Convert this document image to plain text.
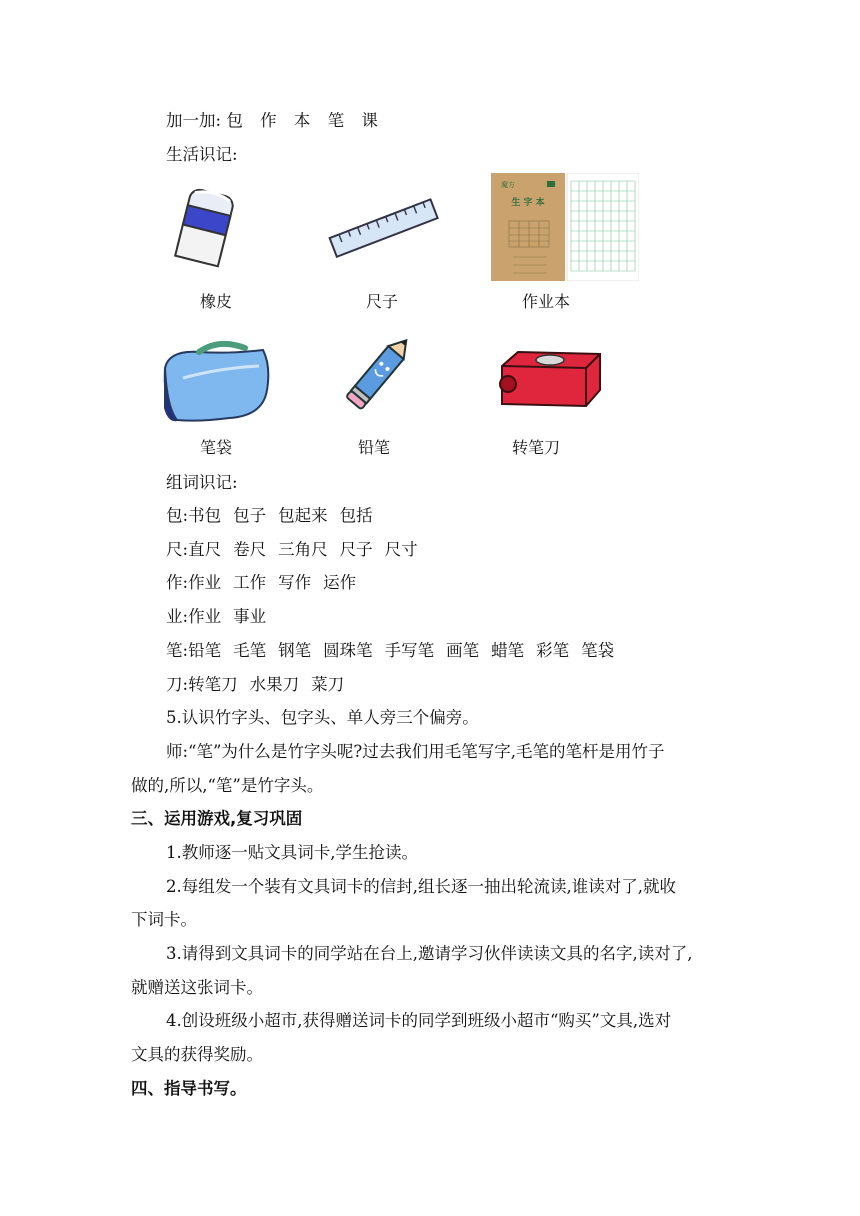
加一加: 包 作 本 笔 课
生活识记:
魔方
生 字 本
橡皮	尺子	作业本
笔袋	铅笔	转笔刀
组词识记:
包:书包 包子 包起来 包括
尺:直尺 卷尺 三角尺 尺子 尺寸
作:作业 工作 写作 运作
业:作业 事业
笔:铅笔 毛笔 钢笔 圆珠笔 手写笔 画笔 蜡笔 彩笔 笔袋
刀:转笔刀 水果刀 菜刀
5.认识竹字头、包字头、单人旁三个偏旁。
师:“笔”为什么是竹字头呢?过去我们用毛笔写字,毛笔的笔杆是用竹子
做的,所以,“笔”是竹字头。
三、运用游戏,复习巩固
1.教师逐一贴文具词卡,学生抢读。
2.每组发一个装有文具词卡的信封,组长逐一抽出轮流读,谁读对了,就收
下词卡。
3.请得到文具词卡的同学站在台上,邀请学习伙伴读读文具的名字,读对了,
就赠送这张词卡。
4.创设班级小超市,获得赠送词卡的同学到班级小超市“购买”文具,选对
文具的获得奖励。
四、指导书写。
